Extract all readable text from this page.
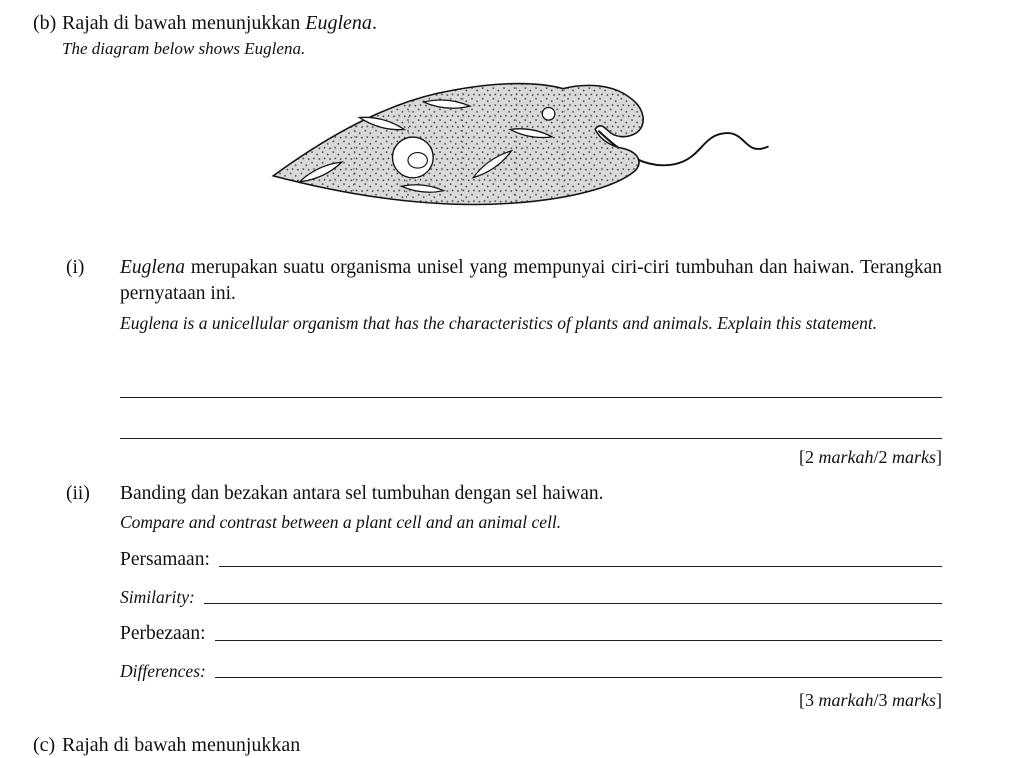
(b) Rajah di bawah menunjukkan Euglena.
The diagram below shows Euglena.
(i)	Euglena merupakan suatu organisma unisel yang mempunyai ciri-ciri tumbuhan dan haiwan. Terangkan pernyataan ini.
Euglena is a unicellular organism that has the characteristics of plants and animals. Explain this statement.
[2 markah/2 marks]
(ii)	Banding dan bezakan antara sel tumbuhan dengan sel haiwan.
Compare and contrast between a plant cell and an animal cell.
Persamaan:
Similarity:
Perbezaan:
Differences:
[3 markah/3 marks]
(c) Rajah di bawah menunjukkan
